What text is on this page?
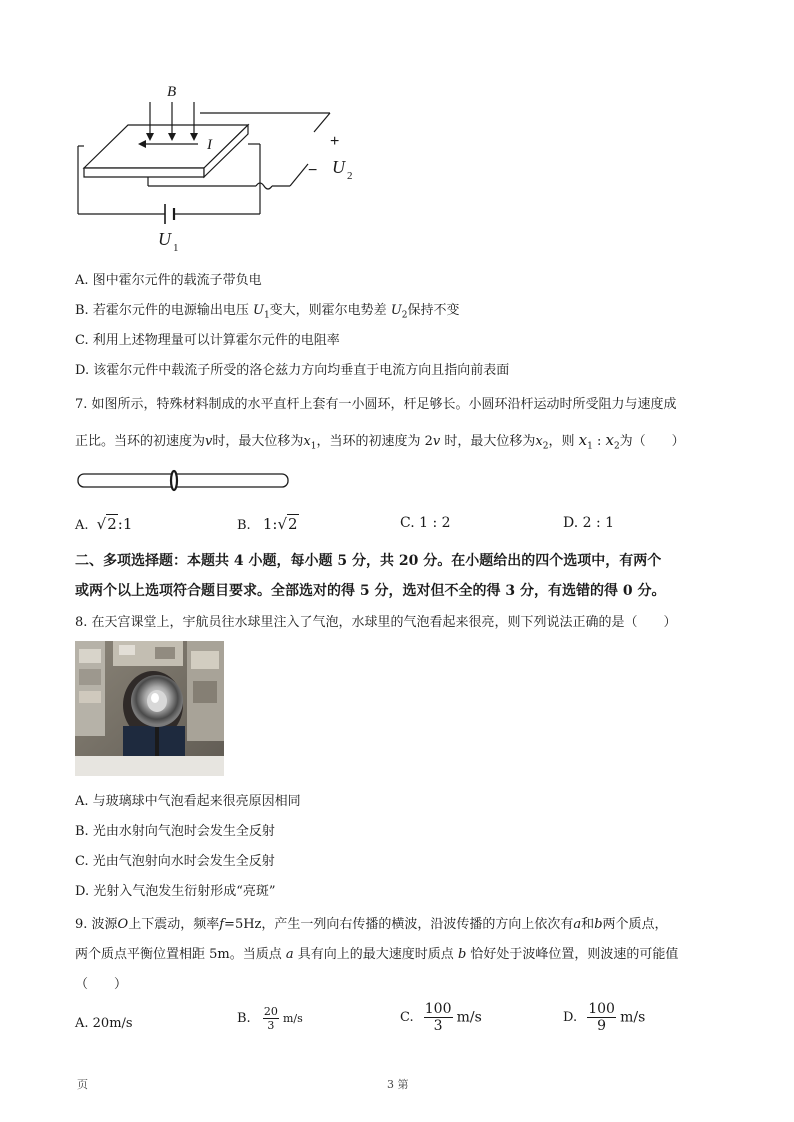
B
I	+
− U 2
U 1
A. 图中霍尔元件的载流子带负电
B. 若霍尔元件的电源输出电压 $U_1$变大，则霍尔电势差 $U_2$保持不变
C. 利用上述物理量可以计算霍尔元件的电阻率
D. 该霍尔元件中载流子所受的洛仑兹力方向均垂直于电流方向且指向前表面
7. 如图所示，特殊材料制成的水平直杆上套有一小圆环，杆足够长。小圆环沿杆运动时所受阻力与速度成
正比。当环的初速度为v时，最大位移为$x_1$，当环的初速度为 2v 时，最大位移为$x_2$，则 $x_1$ : $x_2$为（　　）
A. √2:1	B. 1:√2	C. 1 : 2	D. 2 : 1
二、多项选择题：本题共 4 小题，每小题 5 分，共 20 分。在小题给出的四个选项中，有两个
或两个以上选项符合题目要求。全部选对的得 5 分，选对但不全的得 3 分，有选错的得 0 分。
8. 在天宫课堂上，宇航员往水球里注入了气泡，水球里的气泡看起来很亮，则下列说法正确的是（　　）
A. 与玻璃球中气泡看起来很亮原因相同
B. 光由水射向气泡时会发生全反射
C. 光由气泡射向水时会发生全反射
D. 光射入气泡发生衍射形成“亮斑”
9. 波源O上下震动，频率f=5Hz，产生一列向右传播的横波，沿波传播的方向上依次有a和b两个质点，
两个质点平衡位置相距 5m。当质点 a 具有向上的最大速度时质点 b 恰好处于波峰位置，则波速的可能值
（　　）
A. 20m/s	B. $\frac{20}{3} m/s$	C. $\frac{100}{3} m/s$	D. $\frac{100}{9} m/s$
页	3 第
